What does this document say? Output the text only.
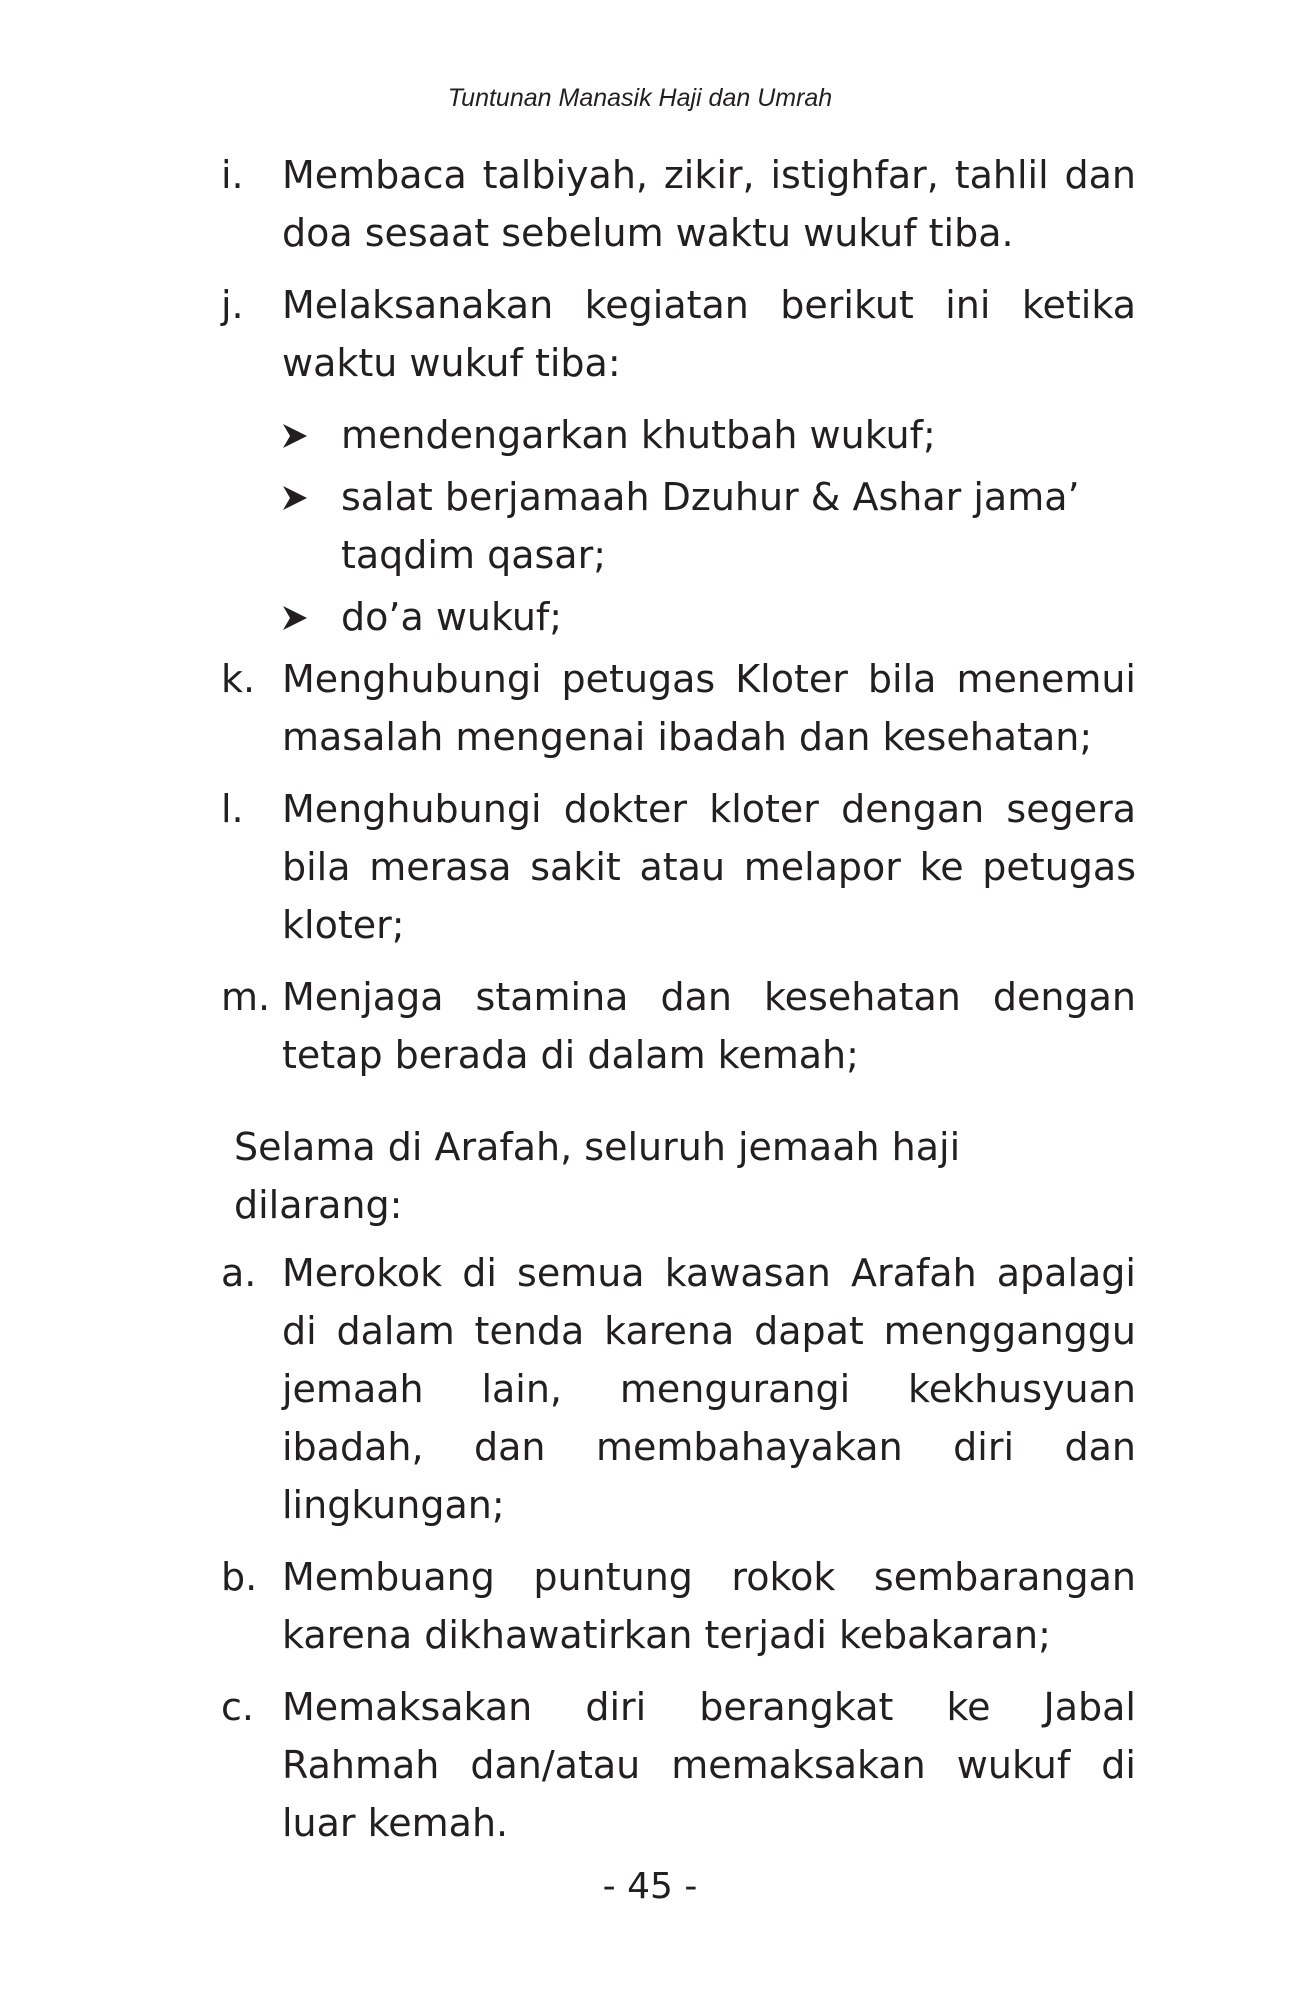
Tuntunan Manasik Haji dan Umrah
i. Membaca talbiyah, zikir, istighfar, tahlil dan doa sesaat sebelum waktu wukuf tiba.
j. Melaksanakan kegiatan berikut ini ketika waktu wukuf tiba:
mendengarkan khutbah wukuf;
salat berjamaah Dzuhur & Ashar jama’ taqdim qasar;
do’a wukuf;
k. Menghubungi petugas Kloter bila menemui masalah mengenai ibadah dan kesehatan;
l. Menghubungi dokter kloter dengan segera bila merasa sakit atau melapor ke petugas kloter;
m. Menjaga stamina dan kesehatan dengan tetap berada di dalam kemah;
Selama di Arafah, seluruh jemaah haji dilarang:
a. Merokok di semua kawasan Arafah apalagi di dalam tenda karena dapat mengganggu jemaah lain, mengurangi kekhusyuan ibadah, dan membahayakan diri dan lingkungan;
b. Membuang puntung rokok sembarangan karena dikhawatirkan terjadi kebakaran;
c. Memaksakan diri berangkat ke Jabal Rahmah dan/atau memaksakan wukuf di luar kemah.
- 45 -
